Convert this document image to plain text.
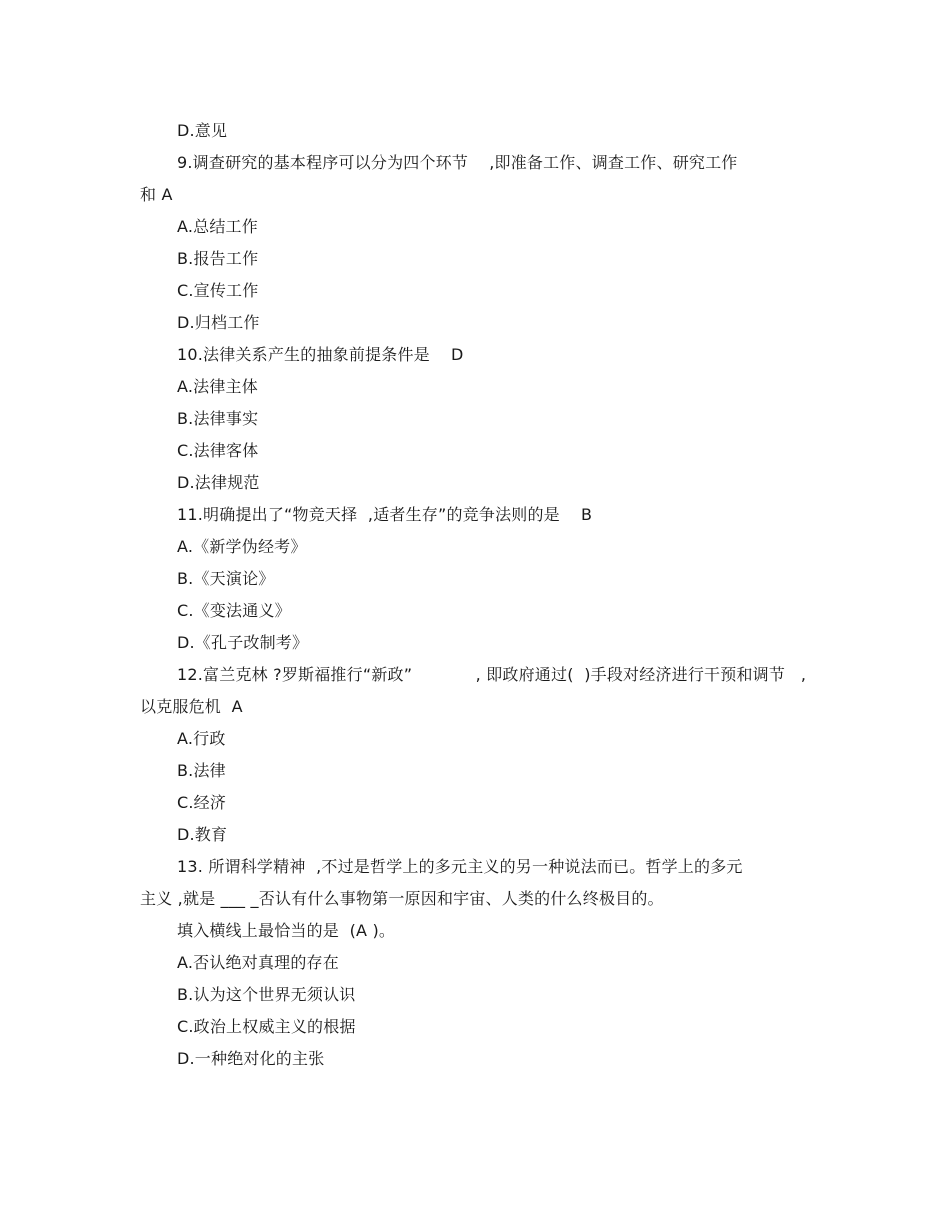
D.意见
9.调查研究的基本程序可以分为四个环节    ,即准备工作、调查工作、研究工作
和 A
A.总结工作
B.报告工作
C.宣传工作
D.归档工作
10.法律关系产生的抽象前提条件是    D
A.法律主体
B.法律事实
C.法律客体
D.法律规范
11.明确提出了“物竞天择  ,适者生存”的竞争法则的是    B
A.《新学伪经考》
B.《天演论》
C.《变法通义》
D.《孔子改制考》
12.富兰克林 ?罗斯福推行“新政”            , 即政府通过(  )手段对经济进行干预和调节   ,
以克服危机  A
A.行政
B.法律
C.经济
D.教育
13. 所谓科学精神  ,不过是哲学上的多元主义的另一种说法而已。哲学上的多元
主义 ,就是 ___ _否认有什么事物第一原因和宇宙、人类的什么终极目的。
填入横线上最恰当的是  (A )。
A.否认绝对真理的存在
B.认为这个世界无须认识
C.政治上权威主义的根据
D.一种绝对化的主张
